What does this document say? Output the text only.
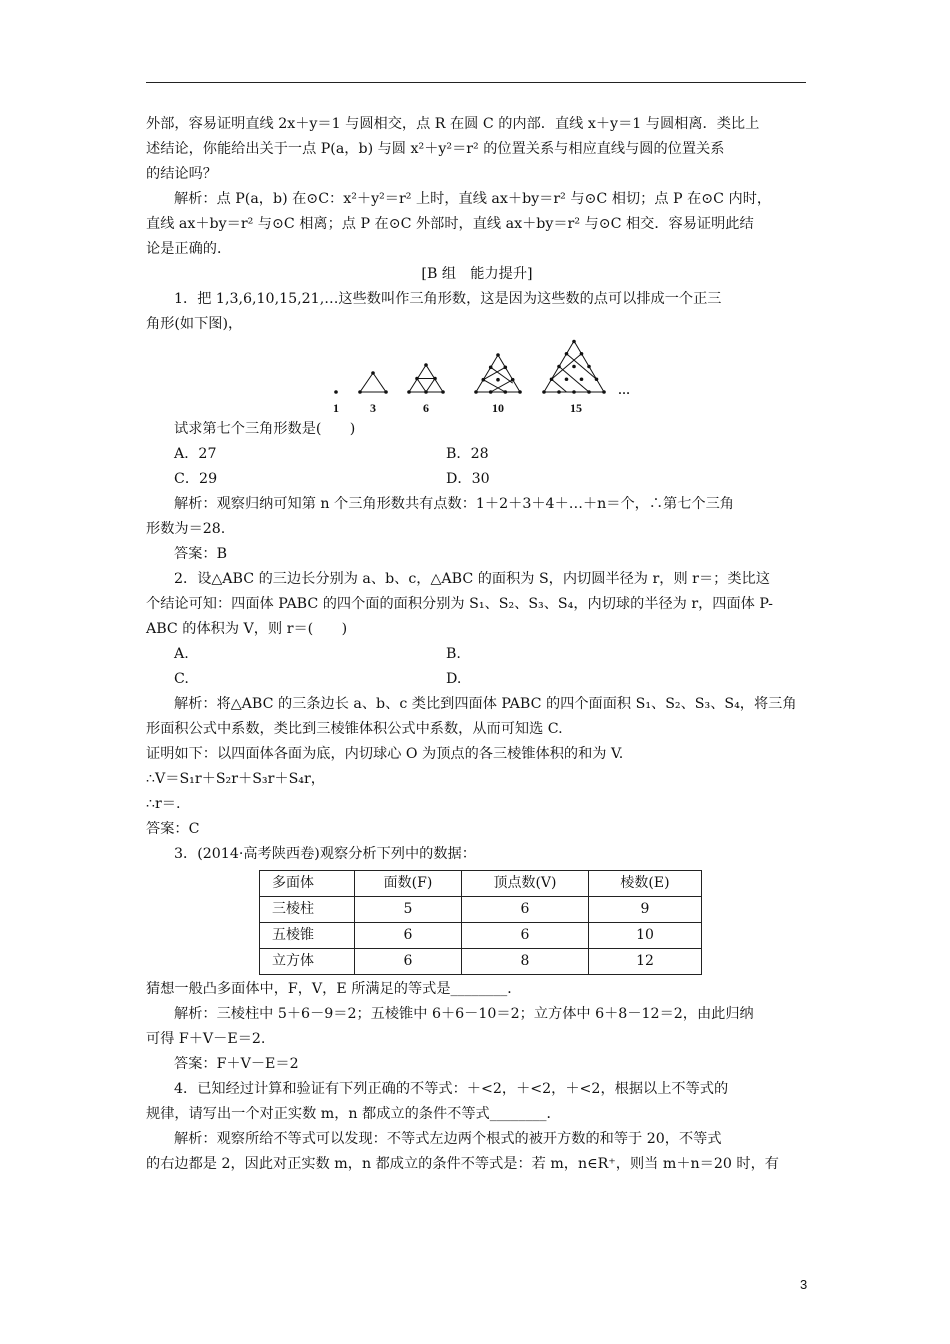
外部，容易证明直线 2x＋y＝1 与圆相交，点 R 在圆 C 的内部．直线 x＋y＝1 与圆相离．类比上

述结论，你能给出关于一点 P(a，b) 与圆 x²＋y²＝r² 的位置关系与相应直线与圆的位置关系

的结论吗？

解析：点 P(a，b) 在⊙C：x²＋y²＝r² 上时，直线 ax＋by＝r² 与⊙C 相切；点 P 在⊙C 内时，

直线 ax＋by＝r² 与⊙C 相离；点 P 在⊙C 外部时，直线 ax＋by＝r² 与⊙C 相交．容易证明此结

论是正确的．

[B 组　能力提升]

1．把 1,3,6,10,15,21,…这些数叫作三角形数，这是因为这些数的点可以排成一个正三

角形(如下图)，

1	3	6	10	15
…

试求第七个三角形数是(　　)

A．27	B．28
C．29	D．30

解析：观察归纳可知第 n 个三角形数共有点数：1＋2＋3＋4＋…＋n＝个，∴第七个三角

形数为＝28.

答案：B

2．设△ABC 的三边长分别为 a、b、c，△ABC 的面积为 S，内切圆半径为 r，则 r＝；类比这

个结论可知：四面体 PABC 的四个面的面积分别为 S₁、S₂、S₃、S₄，内切球的半径为 r，四面体 P-

ABC 的体积为 V，则 r＝(　　)

A.	B.
C.	D.

解析：将△ABC 的三条边长 a、b、c 类比到四面体 PABC 的四个面面积 S₁、S₂、S₃、S₄，将三角

形面积公式中系数，类比到三棱锥体积公式中系数，从而可知选 C.

证明如下：以四面体各面为底，内切球心 O 为顶点的各三棱锥体积的和为 V.

∴V＝S₁r＋S₂r＋S₃r＋S₄r，

∴r＝.

答案：C

3．(2014·高考陕西卷)观察分析下列中的数据：

多面体	面数(F)	顶点数(V)	棱数(E)
三棱柱	5	6	9
五棱锥	6	6	10
立方体	6	8	12

猜想一般凸多面体中，F，V，E 所满足的等式是________．

解析：三棱柱中 5＋6－9＝2；五棱锥中 6＋6－10＝2；立方体中 6＋8－12＝2，由此归纳

可得 F＋V－E＝2.

答案：F＋V－E＝2

4．已知经过计算和验证有下列正确的不等式：＋<2，＋<2，＋<2，根据以上不等式的

规律，请写出一个对正实数 m，n 都成立的条件不等式________．

解析：观察所给不等式可以发现：不等式左边两个根式的被开方数的和等于 20，不等式

的右边都是 2，因此对正实数 m，n 都成立的条件不等式是：若 m，n∈R⁺，则当 m＋n＝20 时，有

3
